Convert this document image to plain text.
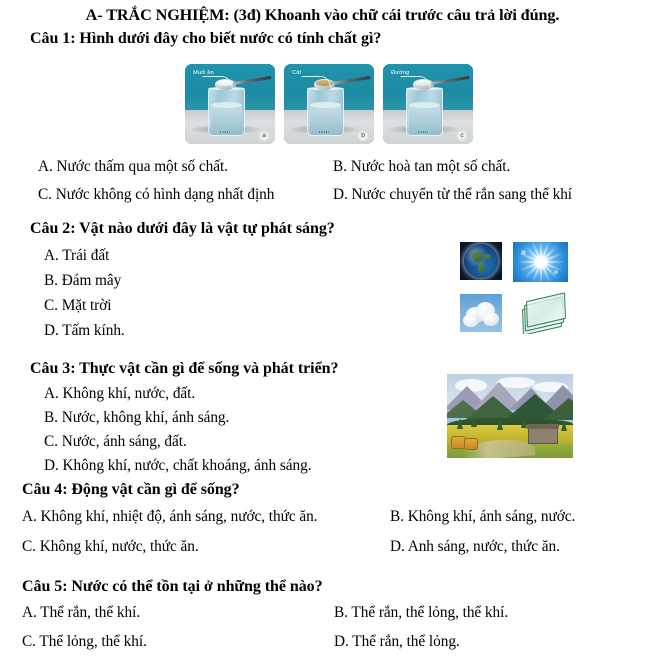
A- TRẮC NGHIỆM: (3đ) Khoanh vào chữ cái trước câu trả lời đúng.
Câu 1: Hình dưới đây cho biết nước có tính chất gì?
Muối ăn
a
Cát
b
Đường
c
A. Nước thấm qua một số chất.	B. Nước hoà tan một số chất.
C. Nước không có hình dạng nhất định	D. Nước chuyển từ thể rắn sang thể khí
Câu 2: Vật nào dưới đây là vật tự phát sáng?
A. Trái đất
B. Đám mây
C. Mặt trời
D. Tấm kính.
Câu 3: Thực vật cần gì để sống và phát triển?
A. Không khí, nước, đất.
B. Nước, không khí, ánh sáng.
C. Nước, ánh sáng, đất.
D. Không khí, nước, chất khoáng, ánh sáng.
Câu 4: Động vật cần gì để sống?
A. Không khí, nhiệt độ, ánh sáng, nước, thức ăn.	B. Không khí, ánh sáng, nước.
C. Không khí, nước, thức ăn.	D. Anh sáng, nước, thức ăn.
Câu 5: Nước có thể tồn tại ở những thể nào?
A. Thể rắn, thể khí.	B. Thể rắn, thể lỏng, thể khí.
C. Thể lỏng, thể khí.	D. Thể rắn, thể lỏng.
